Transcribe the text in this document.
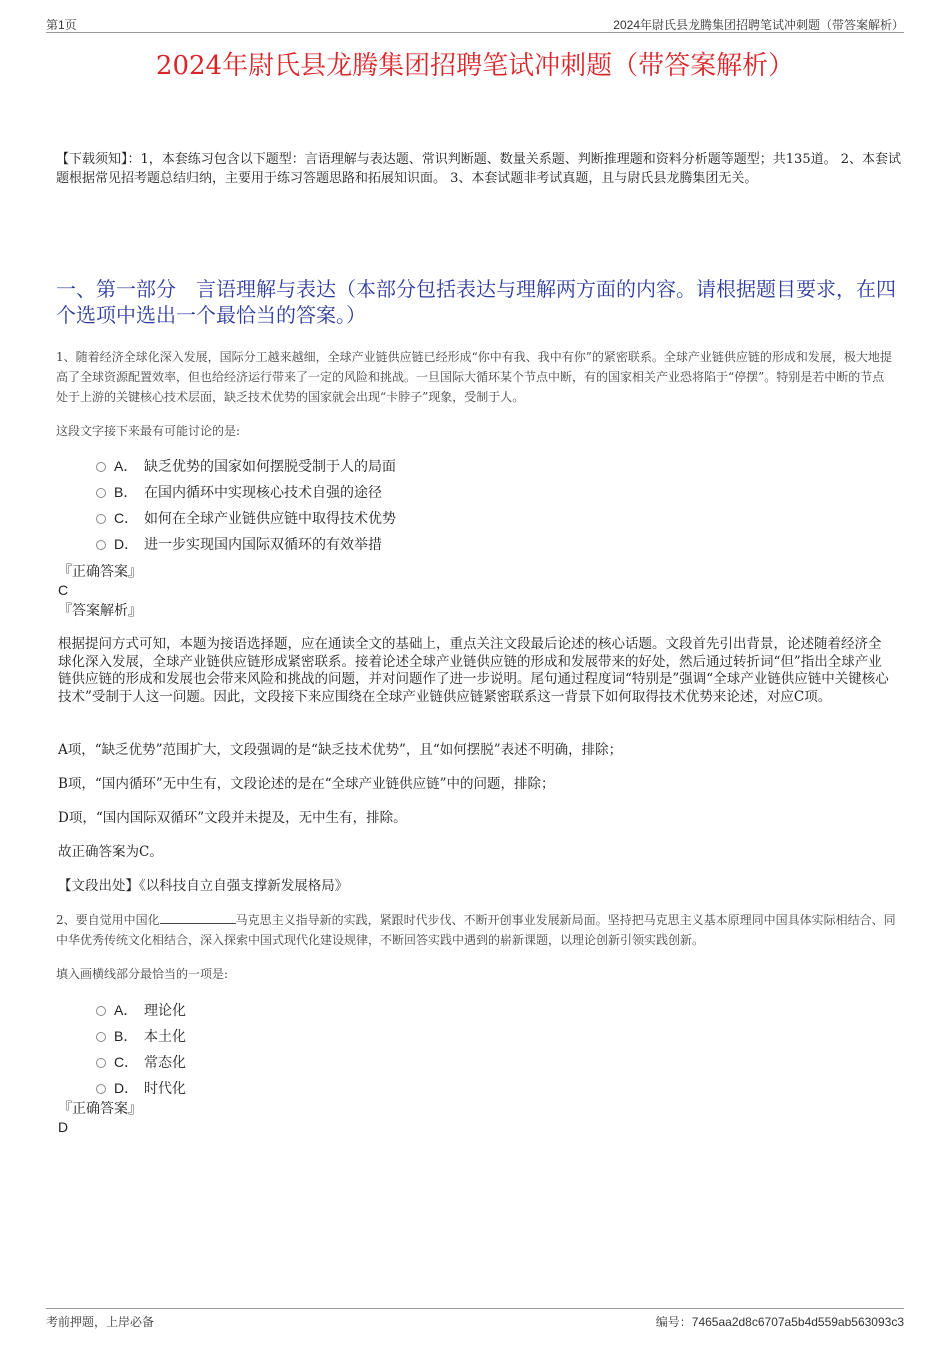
第1页	2024年尉氏县龙腾集团招聘笔试冲刺题（带答案解析）
2024年尉氏县龙腾集团招聘笔试冲刺题（带答案解析）
【下载须知】：1，本套练习包含以下题型：言语理解与表达题、常识判断题、数量关系题、判断推理题和资料分析题等题型；共135道。 2、本套试题根据常见招考题总结归纳，主要用于练习答题思路和拓展知识面。 3、本套试题非考试真题，且与尉氏县龙腾集团无关。
一、第一部分　言语理解与表达（本部分包括表达与理解两方面的内容。请根据题目要求，在四个选项中选出一个最恰当的答案。）
1、随着经济全球化深入发展，国际分工越来越细，全球产业链供应链已经形成“你中有我、我中有你”的紧密联系。全球产业链供应链的形成和发展，极大地提高了全球资源配置效率，但也给经济运行带来了一定的风险和挑战。一旦国际大循环某个节点中断，有的国家相关产业恐将陷于“停摆”。特别是若中断的节点处于上游的关键核心技术层面，缺乏技术优势的国家就会出现“卡脖子”现象，受制于人。
这段文字接下来最有可能讨论的是:
A． 缺乏优势的国家如何摆脱受制于人的局面
B． 在国内循环中实现核心技术自强的途径
C． 如何在全球产业链供应链中取得技术优势
D． 进一步实现国内国际双循环的有效举措
『正确答案』
C
『答案解析』
根据提问方式可知，本题为接语选择题，应在通读全文的基础上，重点关注文段最后论述的核心话题。文段首先引出背景，论述随着经济全球化深入发展，全球产业链供应链形成紧密联系。接着论述全球产业链供应链的形成和发展带来的好处，然后通过转折词“但”指出全球产业链供应链的形成和发展也会带来风险和挑战的问题，并对问题作了进一步说明。尾句通过程度词“特别是”强调“全球产业链供应链中关键核心技术”受制于人这一问题。因此，文段接下来应围绕在全球产业链供应链紧密联系这一背景下如何取得技术优势来论述，对应C项。
A项，“缺乏优势”范围扩大，文段强调的是“缺乏技术优势”，且“如何摆脱”表述不明确，排除；
B项，“国内循环”无中生有，文段论述的是在“全球产业链供应链”中的问题，排除；
D项，“国内国际双循环”文段并未提及，无中生有，排除。
故正确答案为C。
【文段出处】《以科技自立自强支撑新发展格局》
2、要自觉用中国化	马克思主义指导新的实践，紧跟时代步伐、不断开创事业发展新局面。坚持把马克思主义基本原理同中国具体实际相结合、同中华优秀传统文化相结合，深入探索中国式现代化建设规律，不断回答实践中遇到的崭新课题，以理论创新引领实践创新。
填入画横线部分最恰当的一项是:
A． 理论化
B． 本土化
C． 常态化
D． 时代化
『正确答案』
D
考前押题，上岸必备	编号：7465aa2d8c6707a5b4d559ab563093c3
